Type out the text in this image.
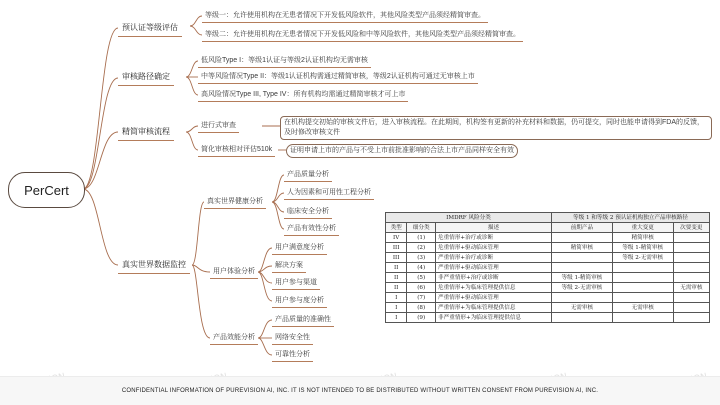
PerCert
预认证等级评估
等级一：允许使用机构在无患者情况下开发低风险软件，其他风险类型产品须经精简审查。
等级二：允许使用机构在无患者情况下开发低风险和中等风险软件，其他风险类型产品须经精简审查。
审核路径确定
低风险Type I：等级1认证与等级2认证机构均无需审核
中等风险情况Type II：等级1认证机构需通过精简审核，等级2认证机构可通过无审核上市
高风险情况Type III, Type IV：所有机构均需通过精简审核才可上市
精简审核流程
进行式审查	在机构提交初始的审核文件后，进入审核流程。在此期间，机构签有更新的补充材料和数据，仍可提交，同时也能申请得到FDA的反馈，及时修改审核文件
简化审核相对评估510k	证明申请上市的产品与不受上市前批准影响的合法上市产品同样安全有效
真实世界数据监控
真实世界健康分析
产品质量分析
人为因素和可用性工程分析
临床安全分析
产品有效性分析
用户体验分析
用户满意度分析
解决方案
用户参与渠道
用户参与度分析
产品效能分析
产品质量的准确性
网络安全性
可靠性分析
IMDRF 风险分类			等级 1 和等级 2 预认证机构独立产品审核路径		
类型	细分类	描述	前期产品	重大变更	次要变更
IV	(1)	危重情形+治疗或诊断		精简审核	
III	(2)	危重情形+驱动临床管理	精简审核	等级 1-精简审核	
III	(3)	严重情形+治疗或诊断		等级 2-无需审核	
II	(4)	严重情形+驱动临床管理			
II	(5)	非严重情形+治疗或诊断	等级 1-精简审核		
II	(6)	危重情形+为临床管理提供信息	等级 2-无需审核		无需审核
I	(7)	严重情形+驱动临床管理			
I	(8)	严重情形+为临床管理提供信息	无需审核	无需审核	
I	(9)	非严重情形+为临床管理提供信息			
CONFIDENTIAL INFORMATION OF PUREVISION AI, INC. IT IS NOT INTENDED TO BE DISTRIBUTED WITHOUT WRITTEN CONSENT FROM PUREVISION AI, INC.
